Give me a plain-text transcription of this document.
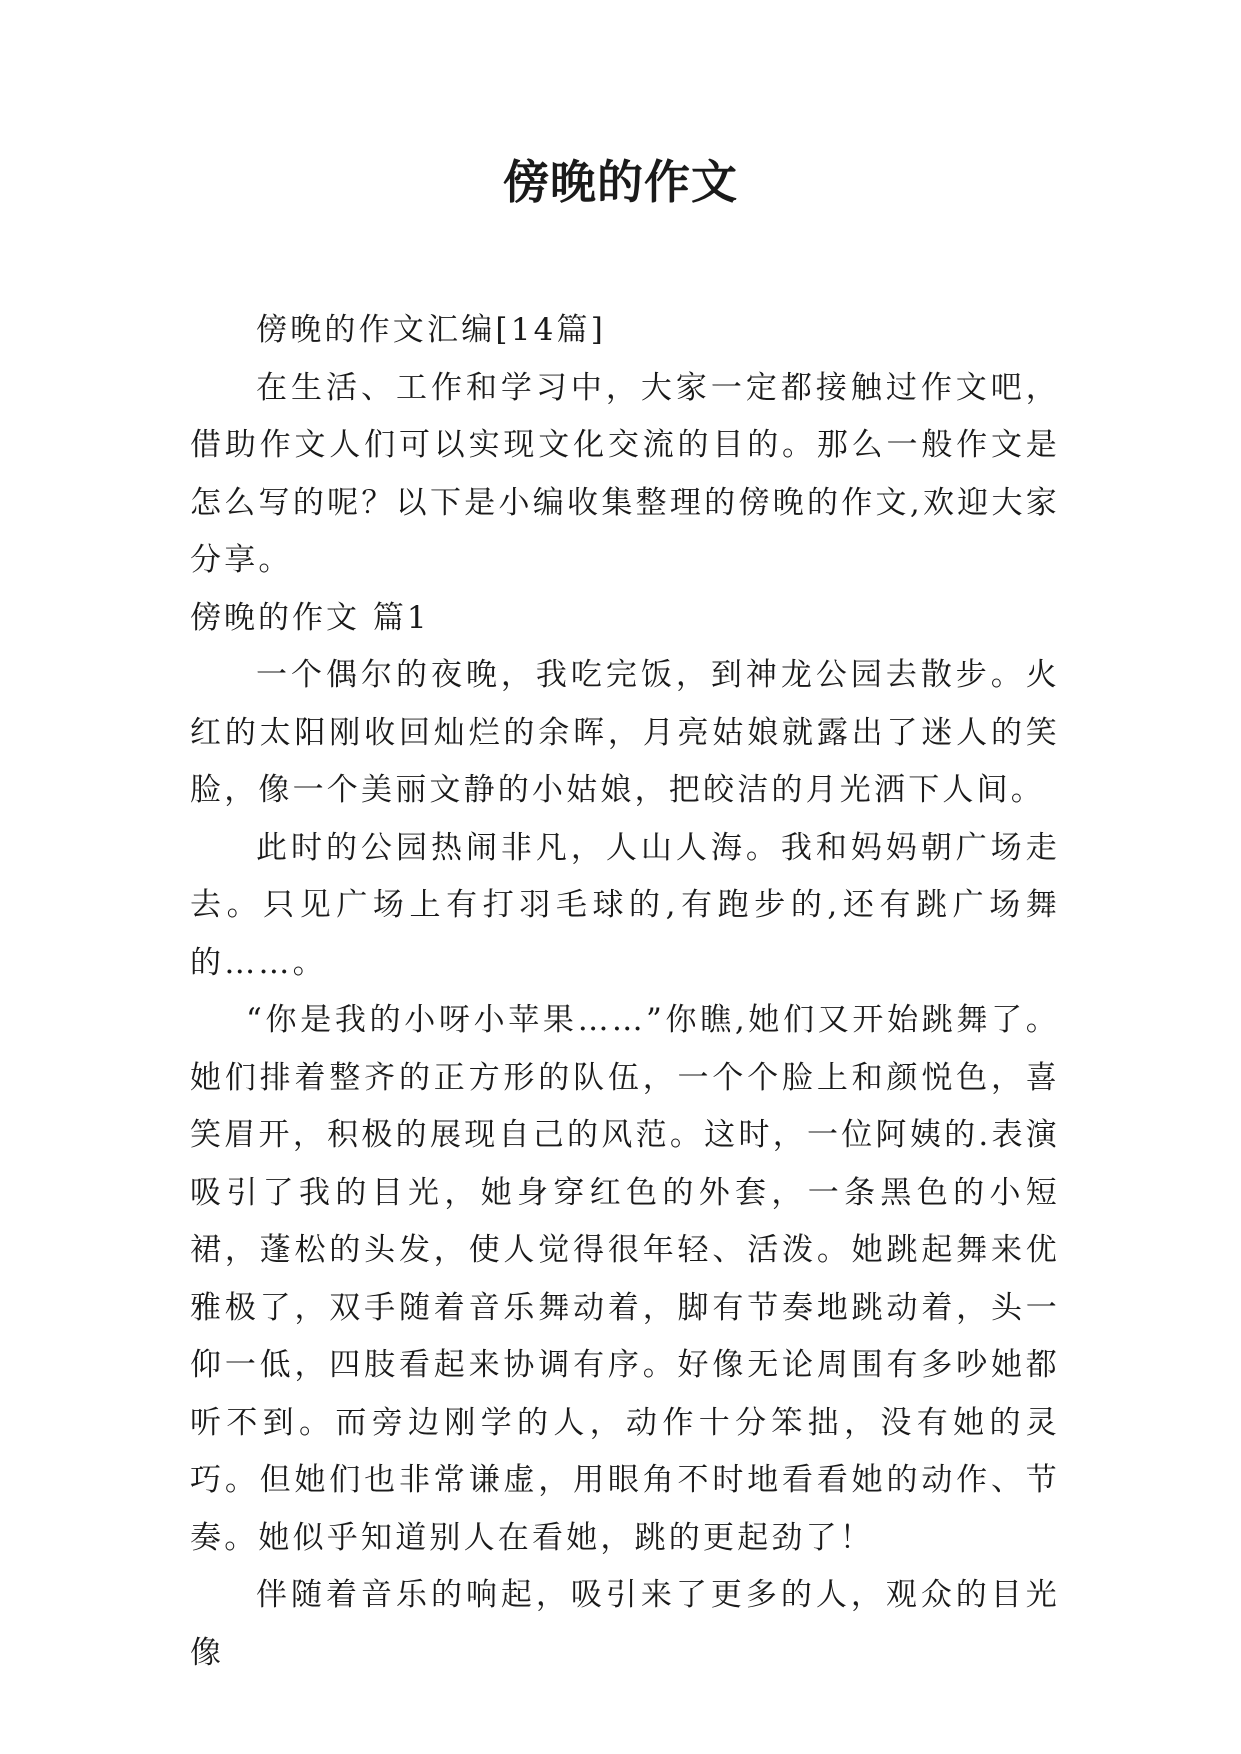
傍晚的作文

傍晚的作文汇编[14篇]

在生活、工作和学习中，大家一定都接触过作文吧，借助作文人们可以实现文化交流的目的。那么一般作文是怎么写的呢？以下是小编收集整理的傍晚的作文,欢迎大家分享。

傍晚的作文 篇1

一个偶尔的夜晚，我吃完饭，到神龙公园去散步。火红的太阳刚收回灿烂的余晖，月亮姑娘就露出了迷人的笑脸，像一个美丽文静的小姑娘，把皎洁的月光洒下人间。

此时的公园热闹非凡，人山人海。我和妈妈朝广场走去。只见广场上有打羽毛球的,有跑步的,还有跳广场舞的……。

“你是我的小呀小苹果……”你瞧,她们又开始跳舞了。她们排着整齐的正方形的队伍，一个个脸上和颜悦色，喜笑眉开，积极的展现自己的风范。这时，一位阿姨的.表演吸引了我的目光，她身穿红色的外套，一条黑色的小短裙，蓬松的头发，使人觉得很年轻、活泼。她跳起舞来优雅极了，双手随着音乐舞动着，脚有节奏地跳动着，头一仰一低，四肢看起来协调有序。好像无论周围有多吵她都听不到。而旁边刚学的人，动作十分笨拙，没有她的灵巧。但她们也非常谦虚，用眼角不时地看看她的动作、节奏。她似乎知道别人在看她，跳的更起劲了！

伴随着音乐的响起，吸引来了更多的人，观众的目光像
